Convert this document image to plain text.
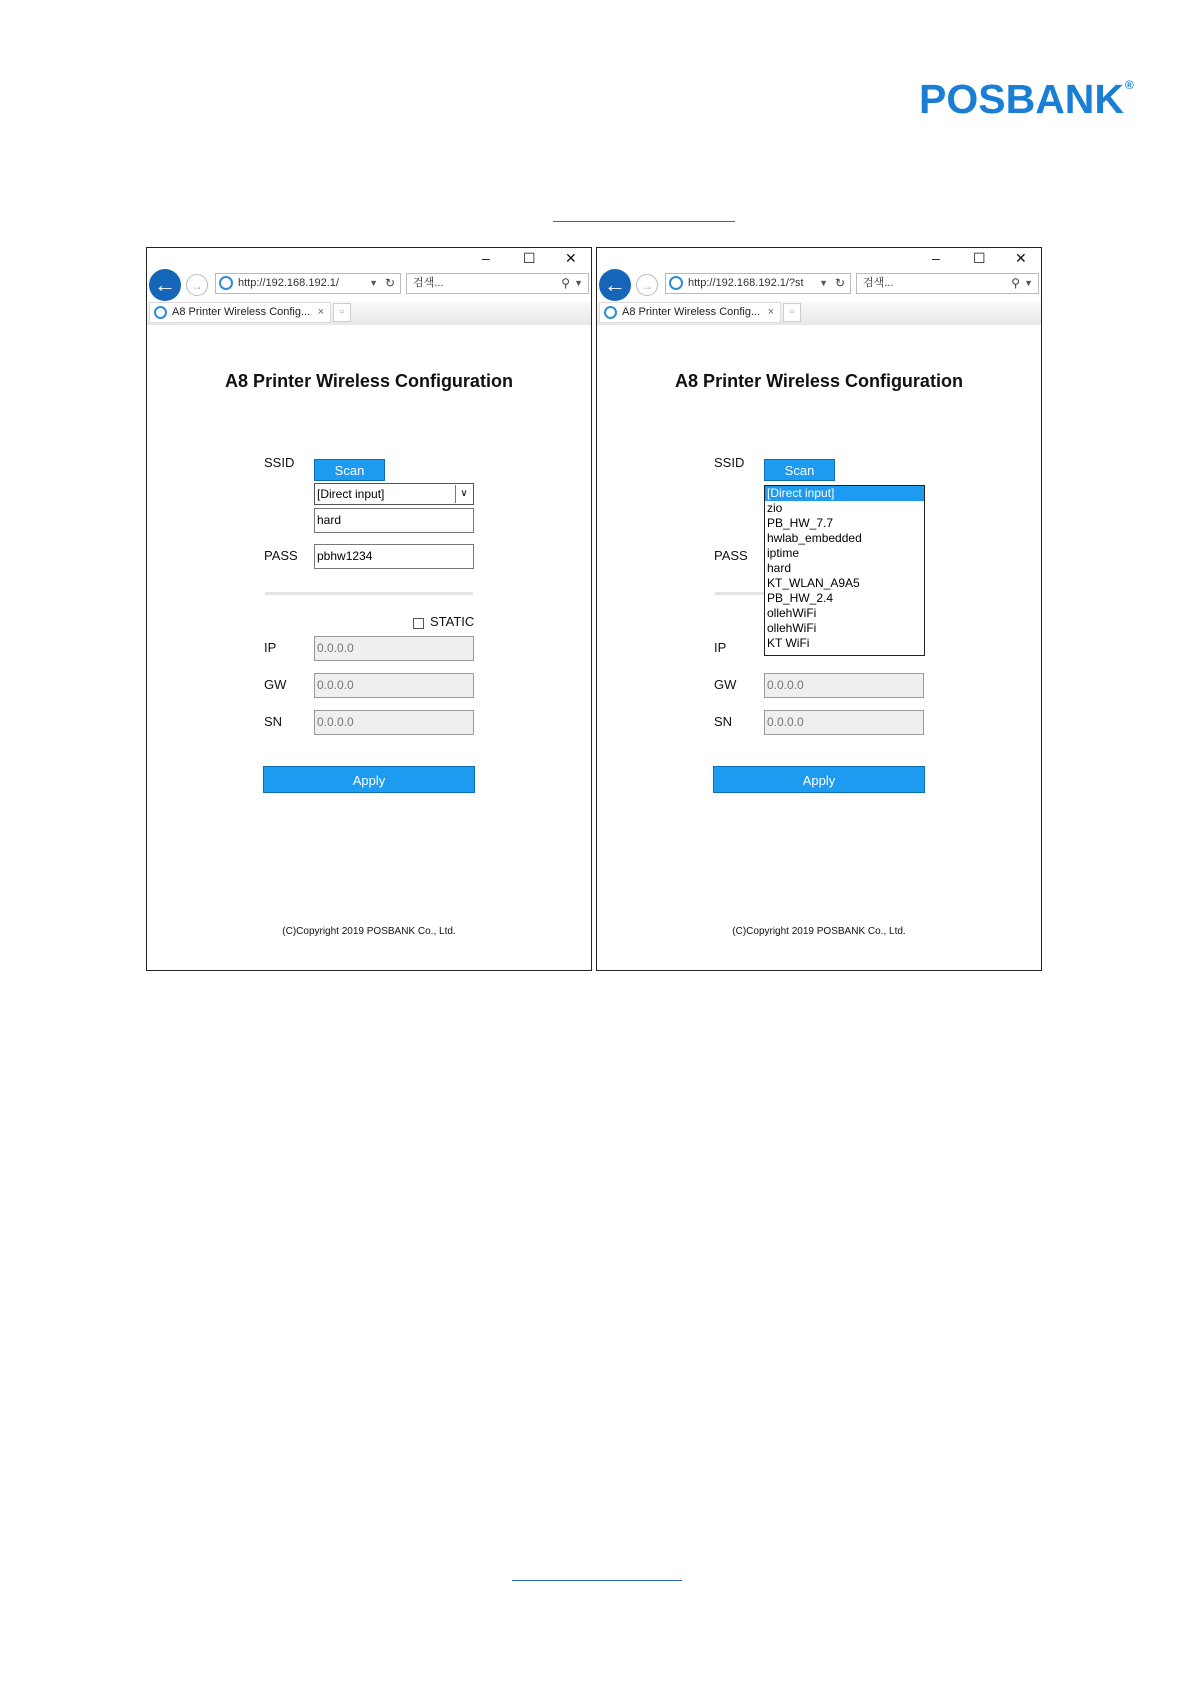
POSBANK®
– ☐ ✕
←	→	http://192.168.192.1/	▼ ↻ 검색...	⚲ ▼
A8 Printer Wireless Config... ×	▫
A8 Printer Wireless Configuration
SSID
Scan
[Direct input]	∨
hard
PASS pbhw1234
STATIC
IP	0.0.0.0
GW	0.0.0.0
SN	0.0.0.0
Apply
(C)Copyright 2019 POSBANK Co., Ltd.
– ☐ ✕
←	→	http://192.168.192.1/?st ▼ ↻ 검색...	⚲ ▼
A8 Printer Wireless Config... ×	▫
A8 Printer Wireless Configuration
SSID
Scan
PASS
IP
GW	0.0.0.0
SN	0.0.0.0
Apply
(C)Copyright 2019 POSBANK Co., Ltd.
[Direct input]
zio
PB_HW_7.7
hwlab_embedded
iptime
hard
KT_WLAN_A9A5
PB_HW_2.4
ollehWiFi
ollehWiFi
KT WiFi
